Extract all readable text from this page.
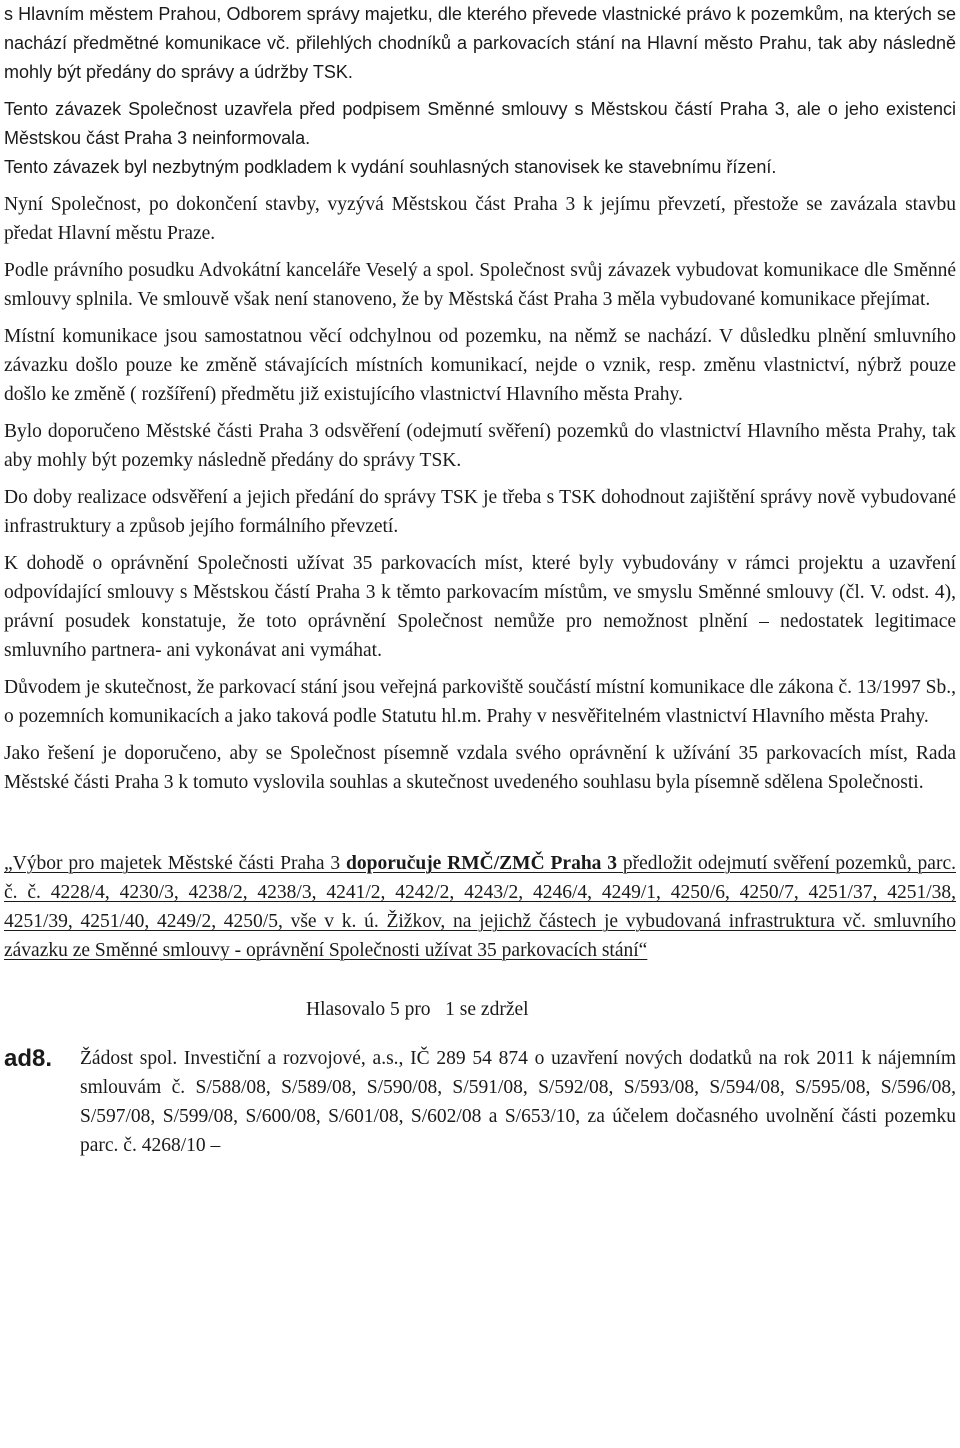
s Hlavním městem Prahou, Odborem správy majetku, dle kterého převede vlastnické právo k pozemkům, na kterých se nachází předmětné komunikace vč. přilehlých chodníků a parkovacích stání na Hlavní město Prahu, tak aby následně mohly být předány do správy a údržby TSK.

Tento závazek Společnost uzavřela před podpisem Směnné smlouvy s Městskou částí Praha 3, ale o jeho existenci Městskou část Praha 3 neinformovala.

Tento závazek byl nezbytným podkladem k vydání souhlasných stanovisek ke stavebnímu řízení.

Nyní Společnost, po dokončení stavby, vyzývá Městskou část Praha 3 k jejímu převzetí, přestože se zavázala stavbu předat Hlavní městu Praze.

Podle právního posudku Advokátní kanceláře Veselý a spol. Společnost svůj závazek vybudovat komunikace dle Směnné smlouvy splnila. Ve smlouvě však není stanoveno, že by Městská část Praha 3 měla vybudované komunikace přejímat.

Místní komunikace jsou samostatnou věcí odchylnou od pozemku, na němž se nachází. V důsledku plnění smluvního závazku došlo pouze ke změně stávajících místních komunikací, nejde o vznik, resp. změnu vlastnictví, nýbrž pouze došlo ke změně ( rozšíření) předmětu již existujícího vlastnictví Hlavního města Prahy.

Bylo doporučeno Městské části Praha 3 odsvěření (odejmutí svěření) pozemků do vlastnictví Hlavního města Prahy, tak aby mohly být pozemky následně předány do správy TSK.

Do doby realizace odsvěření a jejich předání do správy TSK je třeba s TSK dohodnout zajištění správy nově vybudované infrastruktury a způsob jejího formálního převzetí.

K dohodě o oprávnění Společnosti užívat 35 parkovacích míst, které byly vybudovány v rámci projektu a uzavření odpovídající smlouvy s Městskou částí Praha 3 k těmto parkovacím místům, ve smyslu Směnné smlouvy (čl. V. odst. 4), právní posudek konstatuje, že toto oprávnění Společnost nemůže pro nemožnost plnění – nedostatek legitimace smluvního partnera- ani vykonávat ani vymáhat.

Důvodem je skutečnost, že parkovací stání jsou veřejná parkoviště součástí místní komunikace dle zákona č. 13/1997 Sb., o pozemních komunikacích a jako taková podle Statutu hl.m. Prahy v nesvěřitelném vlastnictví Hlavního města Prahy.

Jako řešení je doporučeno, aby se Společnost písemně vzdala svého oprávnění k užívání 35 parkovacích míst, Rada Městské části Praha 3 k tomuto vyslovila souhlas a skutečnost uvedeného souhlasu byla písemně sdělena Společnosti.

„Výbor pro majetek Městské části Praha 3 doporučuje RMČ/ZMČ Praha 3 předložit odejmutí svěření pozemků, parc. č. č. 4228/4, 4230/3, 4238/2, 4238/3, 4241/2, 4242/2, 4243/2, 4246/4, 4249/1, 4250/6, 4250/7, 4251/37, 4251/38, 4251/39, 4251/40, 4249/2, 4250/5, vše v k. ú. Žižkov, na jejichž částech je vybudovaná infrastruktura vč. smluvního závazku ze Směnné smlouvy - oprávnění Společnosti užívat 35 parkovacích stání“

Hlasovalo 5 pro   1 se zdržel

ad8.	Žádost spol. Investiční a rozvojové, a.s., IČ 289 54 874 o uzavření nových dodatků na rok 2011 k nájemním smlouvám č. S/588/08, S/589/08, S/590/08, S/591/08, S/592/08, S/593/08, S/594/08, S/595/08, S/596/08, S/597/08, S/599/08, S/600/08, S/601/08, S/602/08 a S/653/10, za účelem dočasného uvolnění části pozemku parc. č. 4268/10 –
